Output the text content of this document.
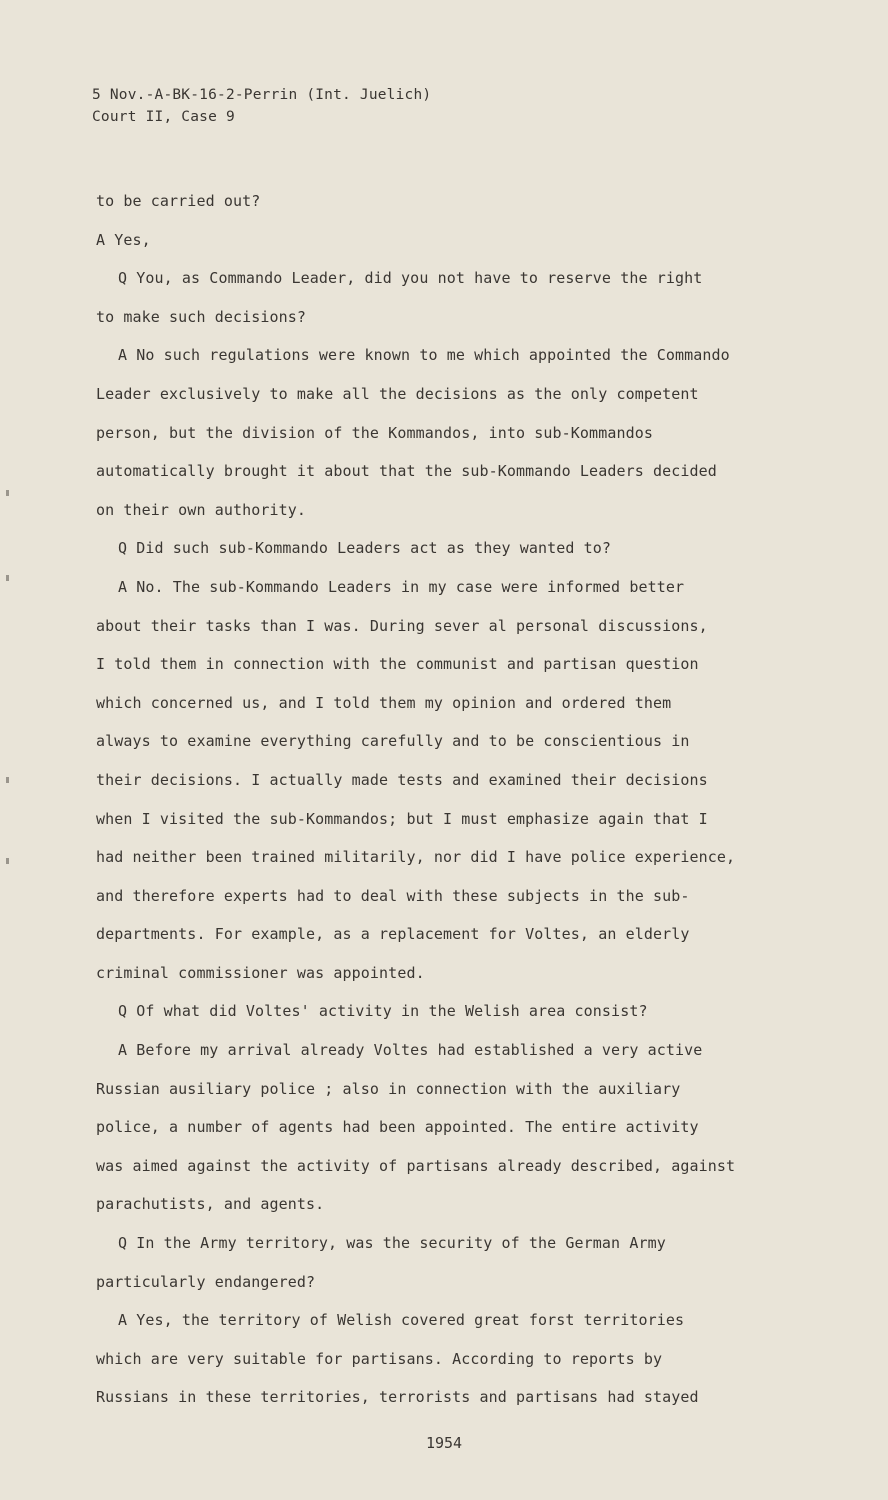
5 Nov.-A-BK-16-2-Perrin (Int. Juelich)
Court II, Case 9
to be carried out?
A Yes,
Q You, as Commando Leader, did you not have to reserve the right
to make such decisions?
A No such regulations were known to me which appointed the Commando
Leader exclusively to make all the decisions as the only competent
person, but the division of the Kommandos, into sub-Kommandos
automatically brought it about that the sub-Kommando Leaders decided
on their own authority.
Q Did such sub-Kommando Leaders act as they wanted to?
A No. The sub-Kommando Leaders in my case were informed better
about their tasks than I was. During sever al personal discussions,
I told them in connection with the communist and partisan question
which concerned us, and I told them my opinion and ordered them
always to examine everything carefully and to be conscientious in
their decisions. I actually made tests and examined their decisions
when I visited the sub-Kommandos; but I must emphasize again that I
had neither been trained militarily, nor did I have police experience,
and therefore experts had to deal with these subjects in the sub-
departments. For example, as a replacement for Voltes, an elderly
criminal commissioner was appointed.
Q Of what did Voltes' activity in the Welish area consist?
A Before my arrival already Voltes had established a very active
Russian ausiliary police ; also in connection with the auxiliary
police, a number of agents had been appointed. The entire activity
was aimed against the activity of partisans already described, against
parachutists, and agents.
Q In the Army territory, was the security of the German Army
particularly endangered?
A Yes, the territory of Welish covered great forst territories
which are very suitable for partisans. According to reports by
Russians in these territories, terrorists and partisans had stayed
1954
